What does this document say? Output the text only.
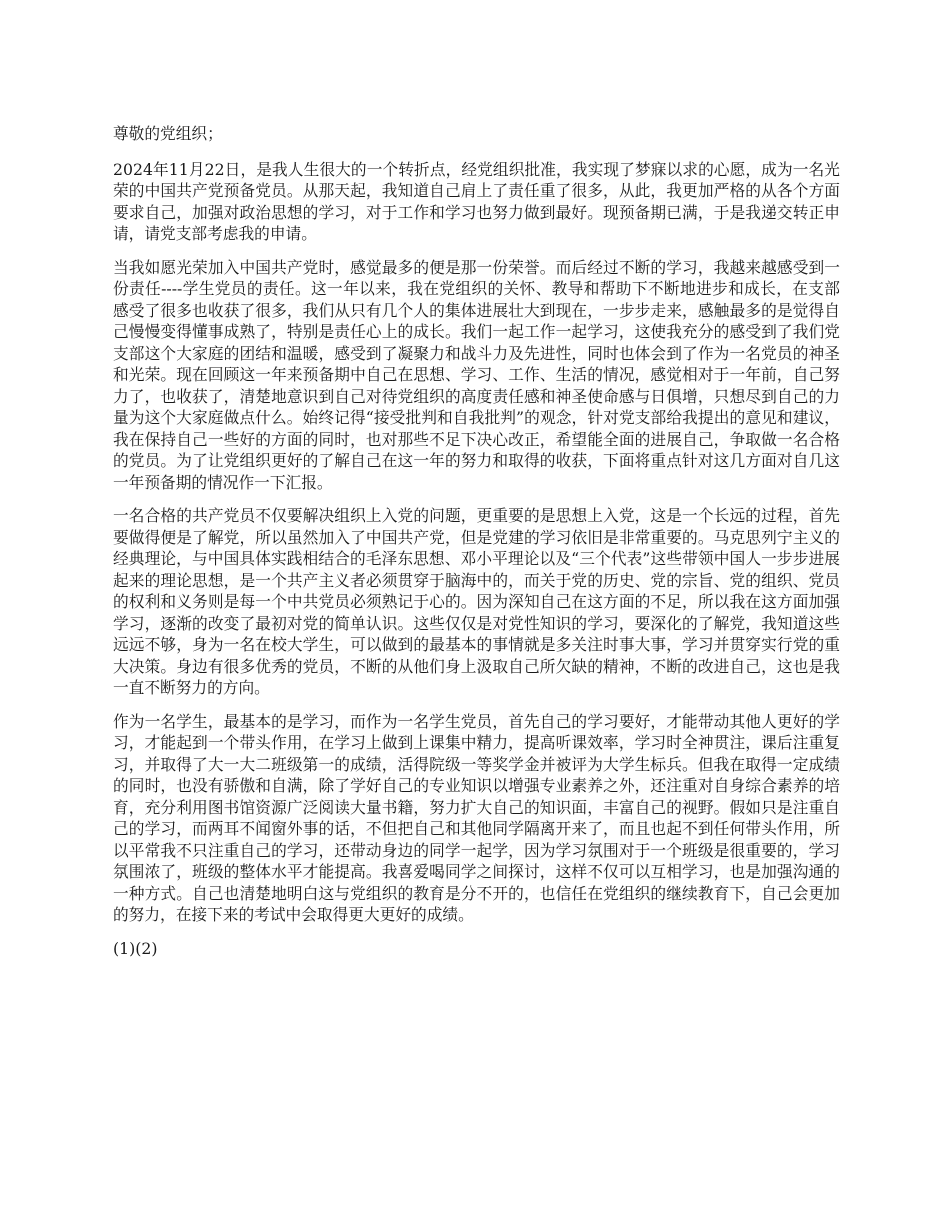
尊敬的党组织；

2024年11月22日，是我人生很大的一个转折点，经党组织批准，我实现了梦寐以求的心愿，成为一名光荣的中国共产党预备党员。从那天起，我知道自己肩上了责任重了很多，从此，我更加严格的从各个方面要求自己，加强对政治思想的学习，对于工作和学习也努力做到最好。现预备期已满，于是我递交转正申请，请党支部考虑我的申请。

当我如愿光荣加入中国共产党时，感觉最多的便是那一份荣誉。而后经过不断的学习，我越来越感受到一份责任----学生党员的责任。这一年以来，我在党组织的关怀、教导和帮助下不断地进步和成长，在支部感受了很多也收获了很多，我们从只有几个人的集体进展壮大到现在，一步步走来，感触最多的是觉得自己慢慢变得懂事成熟了，特别是责任心上的成长。我们一起工作一起学习，这使我充分的感受到了我们党支部这个大家庭的团结和温暖，感受到了凝聚力和战斗力及先进性，同时也体会到了作为一名党员的神圣和光荣。现在回顾这一年来预备期中自己在思想、学习、工作、生活的情况，感觉相对于一年前，自己努力了，也收获了，清楚地意识到自己对待党组织的高度责任感和神圣使命感与日俱增，只想尽到自己的力量为这个大家庭做点什么。始终记得“接受批判和自我批判”的观念，针对党支部给我提出的意见和建议，我在保持自己一些好的方面的同时，也对那些不足下决心改正，希望能全面的进展自己，争取做一名合格的党员。为了让党组织更好的了解自己在这一年的努力和取得的收获，下面将重点针对这几方面对自几这一年预备期的情况作一下汇报。

一名合格的共产党员不仅要解决组织上入党的问题，更重要的是思想上入党，这是一个长远的过程，首先要做得便是了解党，所以虽然加入了中国共产党，但是党建的学习依旧是非常重要的。马克思列宁主义的经典理论，与中国具体实践相结合的毛泽东思想、邓小平理论以及“三个代表”这些带领中国人一步步进展起来的理论思想，是一个共产主义者必须贯穿于脑海中的，而关于党的历史、党的宗旨、党的组织、党员的权利和义务则是每一个中共党员必须熟记于心的。因为深知自己在这方面的不足，所以我在这方面加强学习，逐渐的改变了最初对党的简单认识。这些仅仅是对党性知识的学习，要深化的了解党，我知道这些远远不够，身为一名在校大学生，可以做到的最基本的事情就是多关注时事大事，学习并贯穿实行党的重大决策。身边有很多优秀的党员，不断的从他们身上汲取自己所欠缺的精神，不断的改进自己，这也是我一直不断努力的方向。

作为一名学生，最基本的是学习，而作为一名学生党员，首先自己的学习要好，才能带动其他人更好的学习，才能起到一个带头作用，在学习上做到上课集中精力，提高听课效率，学习时全神贯注，课后注重复习，并取得了大一大二班级第一的成绩，活得院级一等奖学金并被评为大学生标兵。但我在取得一定成绩的同时，也没有骄傲和自满，除了学好自己的专业知识以增强专业素养之外，还注重对自身综合素养的培育，充分利用图书馆资源广泛阅读大量书籍，努力扩大自己的知识面，丰富自己的视野。假如只是注重自己的学习，而两耳不闻窗外事的话，不但把自己和其他同学隔离开来了，而且也起不到任何带头作用，所以平常我不只注重自己的学习，还带动身边的同学一起学，因为学习氛围对于一个班级是很重要的，学习氛围浓了，班级的整体水平才能提高。我喜爱喝同学之间探讨，这样不仅可以互相学习，也是加强沟通的一种方式。自己也清楚地明白这与党组织的教育是分不开的，也信任在党组织的继续教育下，自己会更加的努力，在接下来的考试中会取得更大更好的成绩。

(1)(2)
